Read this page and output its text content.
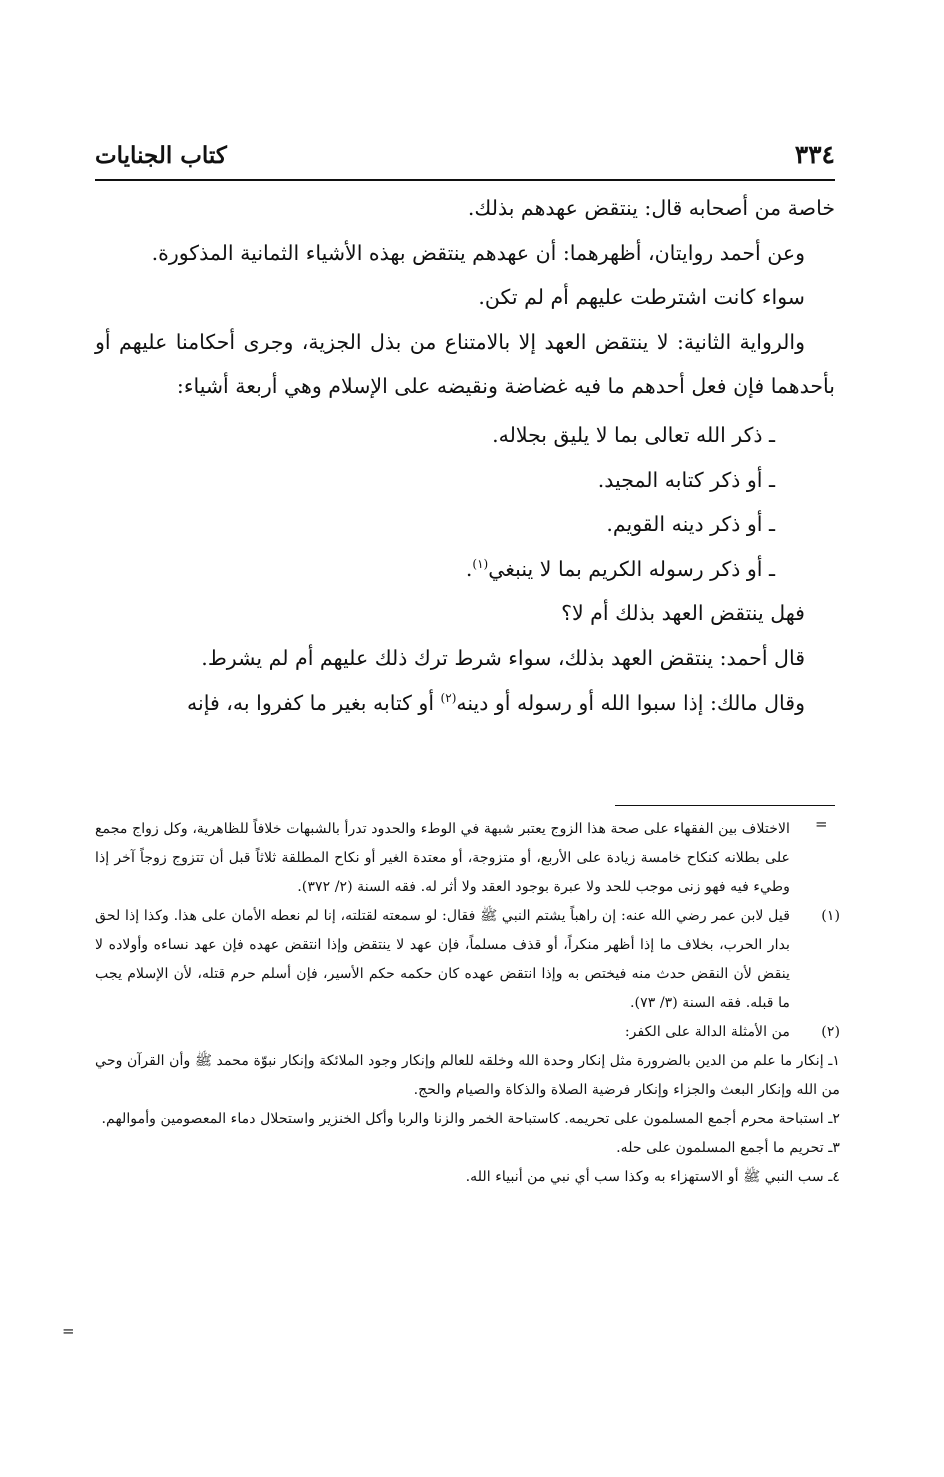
٣٣٤
كتاب الجنايات

خاصة من أصحابه قال: ينتقض عهدهم بذلك.

وعن أحمد روايتان، أظهرهما: أن عهدهم ينتقض بهذه الأشياء الثمانية المذكورة.

سواء كانت اشترطت عليهم أم لم تكن.

والرواية الثانية: لا ينتقض العهد إلا بالامتناع من بذل الجزية، وجرى أحكامنا عليهم أو بأحدهما فإن فعل أحدهم ما فيه غضاضة ونقيضه على الإسلام وهي أربعة أشياء:

ـ ذكر الله تعالى بما لا يليق بجلاله.

ـ أو ذكر كتابه المجيد.

ـ أو ذكر دينه القويم.

ـ أو ذكر رسوله الكريم بما لا ينبغي$^{(١)}$.

فهل ينتقض العهد بذلك أم لا؟

قال أحمد: ينتقض العهد بذلك، سواء شرط ترك ذلك عليهم أم لم يشرط.

وقال مالك: إذا سبوا الله أو رسوله أو دينه$^{(٢)}$ أو كتابه بغير ما كفروا به، فإنه

=

الاختلاف بين الفقهاء على صحة هذا الزوج يعتبر شبهة في الوطء والحدود تدرأ بالشبهات خلافاً للظاهرية، وكل زواج مجمع على بطلانه كنكاح خامسة زيادة على الأربع، أو متزوجة، أو معتدة الغير أو نكاح المطلقة ثلاثاً قبل أن تتزوج زوجاً آخر إذا وطيء فيه فهو زنى موجب للحد ولا عبرة بوجود العقد ولا أثر له. فقه السنة (٢/ ٣٧٢).

(١)
قيل لابن عمر رضي الله عنه: إن راهباً يشتم النبي ﷺ فقال: لو سمعته لقتلته، إنا لم نعطه الأمان على هذا. وكذا إذا لحق بدار الحرب، بخلاف ما إذا أظهر منكراً، أو قذف مسلماً، فإن عهد لا ينتقض وإذا انتقض عهده فإن عهد نساءه وأولاده لا ينقض لأن النقض حدث منه فيختص به وإذا انتقض عهده كان حكمه حكم الأسير، فإن أسلم حرم قتله، لأن الإسلام يجب ما قبله. فقه السنة (٣/ ٧٣).

(٢)

من الأمثلة الدالة على الكفر:

١ـ إنكار ما علم من الدين بالضرورة مثل إنكار وحدة الله وخلقه للعالم وإنكار وجود الملائكة وإنكار نبوّة محمد ﷺ وأن القرآن وحي من الله وإنكار البعث والجزاء وإنكار فرضية الصلاة والذكاة والصيام والحج.

٢ـ استباحة محرم أجمع المسلمون على تحريمه. كاستباحة الخمر والزنا والربا وأكل الخنزير واستحلال دماء المعصومين وأموالهم.

٣ـ تحريم ما أجمع المسلمون على حله.

٤ـ سب النبي ﷺ أو الاستهزاء به وكذا سب أي نبي من أنبياء الله.

=
